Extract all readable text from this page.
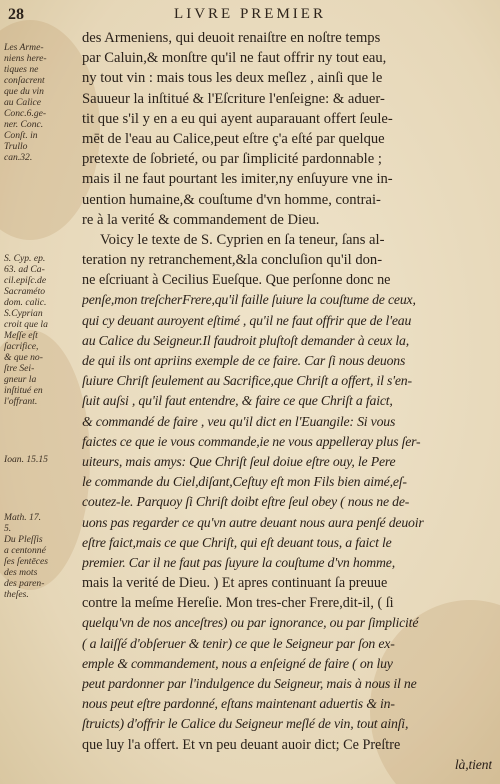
28	LIVRE PREMIER
des Armeniens, qui deuoit renaiſtre en noſtre temps
par Caluin,& monſtre qu'il ne faut offrir ny tout eau,
ny tout vin : mais tous les deux meſlez , ainſi que le
Sauueur la inſtitué & l'Eſcriture l'enſeigne: & aduer-
tit que s'il y en a eu qui ayent auparauant offert ſeule-
mēt de l'eau au Calice,peut eſtre ç'a eſté par quelque
pretexte de ſobrieté, ou par ſimplicité pardonnable ;
mais il ne faut pourtant les imiter,ny enſuyure vne in-
uention humaine,& couſtume d'vn homme, contrai-
re à la verité & commandement de Dieu.
Voicy le texte de S. Cyprien en ſa teneur, ſans al-
teration ny retranchement,&la concluſion qu'il don-
ne eſcriuant à Cecilius Eueſque. Que perſonne donc ne
penſe,mon treſcherFrere,qu'il faille ſuiure la couſtume de ceux,
qui cy deuant auroyent eſtimé , qu'il ne faut offrir que de l'eau
au Calice du Seigneur.Il faudroit pluſtoſt demander à ceux la,
de qui ils ont apriins exemple de ce faire. Car ſi nous deuons
ſuiure Chriſt ſeulement au Sacrifice,que Chriſt a offert, il s'en-
ſuit auſsi , qu'il faut entendre, & faire ce que Chriſt a faict,
& commandé de faire , veu qu'il dict en l'Euangile: Si vous
faictes ce que ie vous commande,ie ne vous appelleray plus ſer-
uiteurs, mais amys: Que Chriſt ſeul doiue eſtre ouy, le Pere
le commande du Ciel,diſant,Ceſtuy eſt mon Fils bien aimé,eſ-
coutez-le. Parquoy ſi Chriſt doibt eſtre ſeul obey ( nous ne de-
uons pas regarder ce qu'vn autre deuant nous aura penſé deuoir
eſtre faict,mais ce que Chriſt, qui eſt deuant tous, a faict le
premier. Car il ne faut pas ſuyure la couſtume d'vn homme,
mais la verité de Dieu. ) Et apres continuant ſa preuue
contre la meſme Hereſie. Mon tres-cher Frere,dit-il, ( ſi
quelqu'vn de nos anceſtres) ou par ignorance, ou par ſimplicité
( a laiſſé d'obſeruer & tenir) ce que le Seigneur par ſon ex-
emple & commandement, nous a enſeigné de faire ( on luy
peut pardonner par l'indulgence du Seigneur, mais à nous il ne
nous peut eſtre pardonné, eſtans maintenant aduertis & in-
ſtruicts) d'offrir le Calice du Seigneur meſlé de vin, tout ainſi,
que luy l'a offert. Et vn peu deuant auoir dict; Ce Preſtre
là,tient
Les Arme-
niens here-
tiques ne
conſacrent
que du vin
au Calice
Conc.6.ge-
ner. Conc.
Conſt. in
Trullo
can.32.
S. Cyp. ep.
63. ad Ca-
cil.epiſc.de
Sacraméto
dom. calic.
S.Cyprian
croit que la
Meſſe eſt
ſacrifice,
& que no-
ſtre Sei-
gneur la
inſtitué en
l'offrant.
Ioan. 15.15
Math. 17.
5.
Du Pleſſis
a centonné
ſes ſentēces
des mots
des paren-
theſes.
